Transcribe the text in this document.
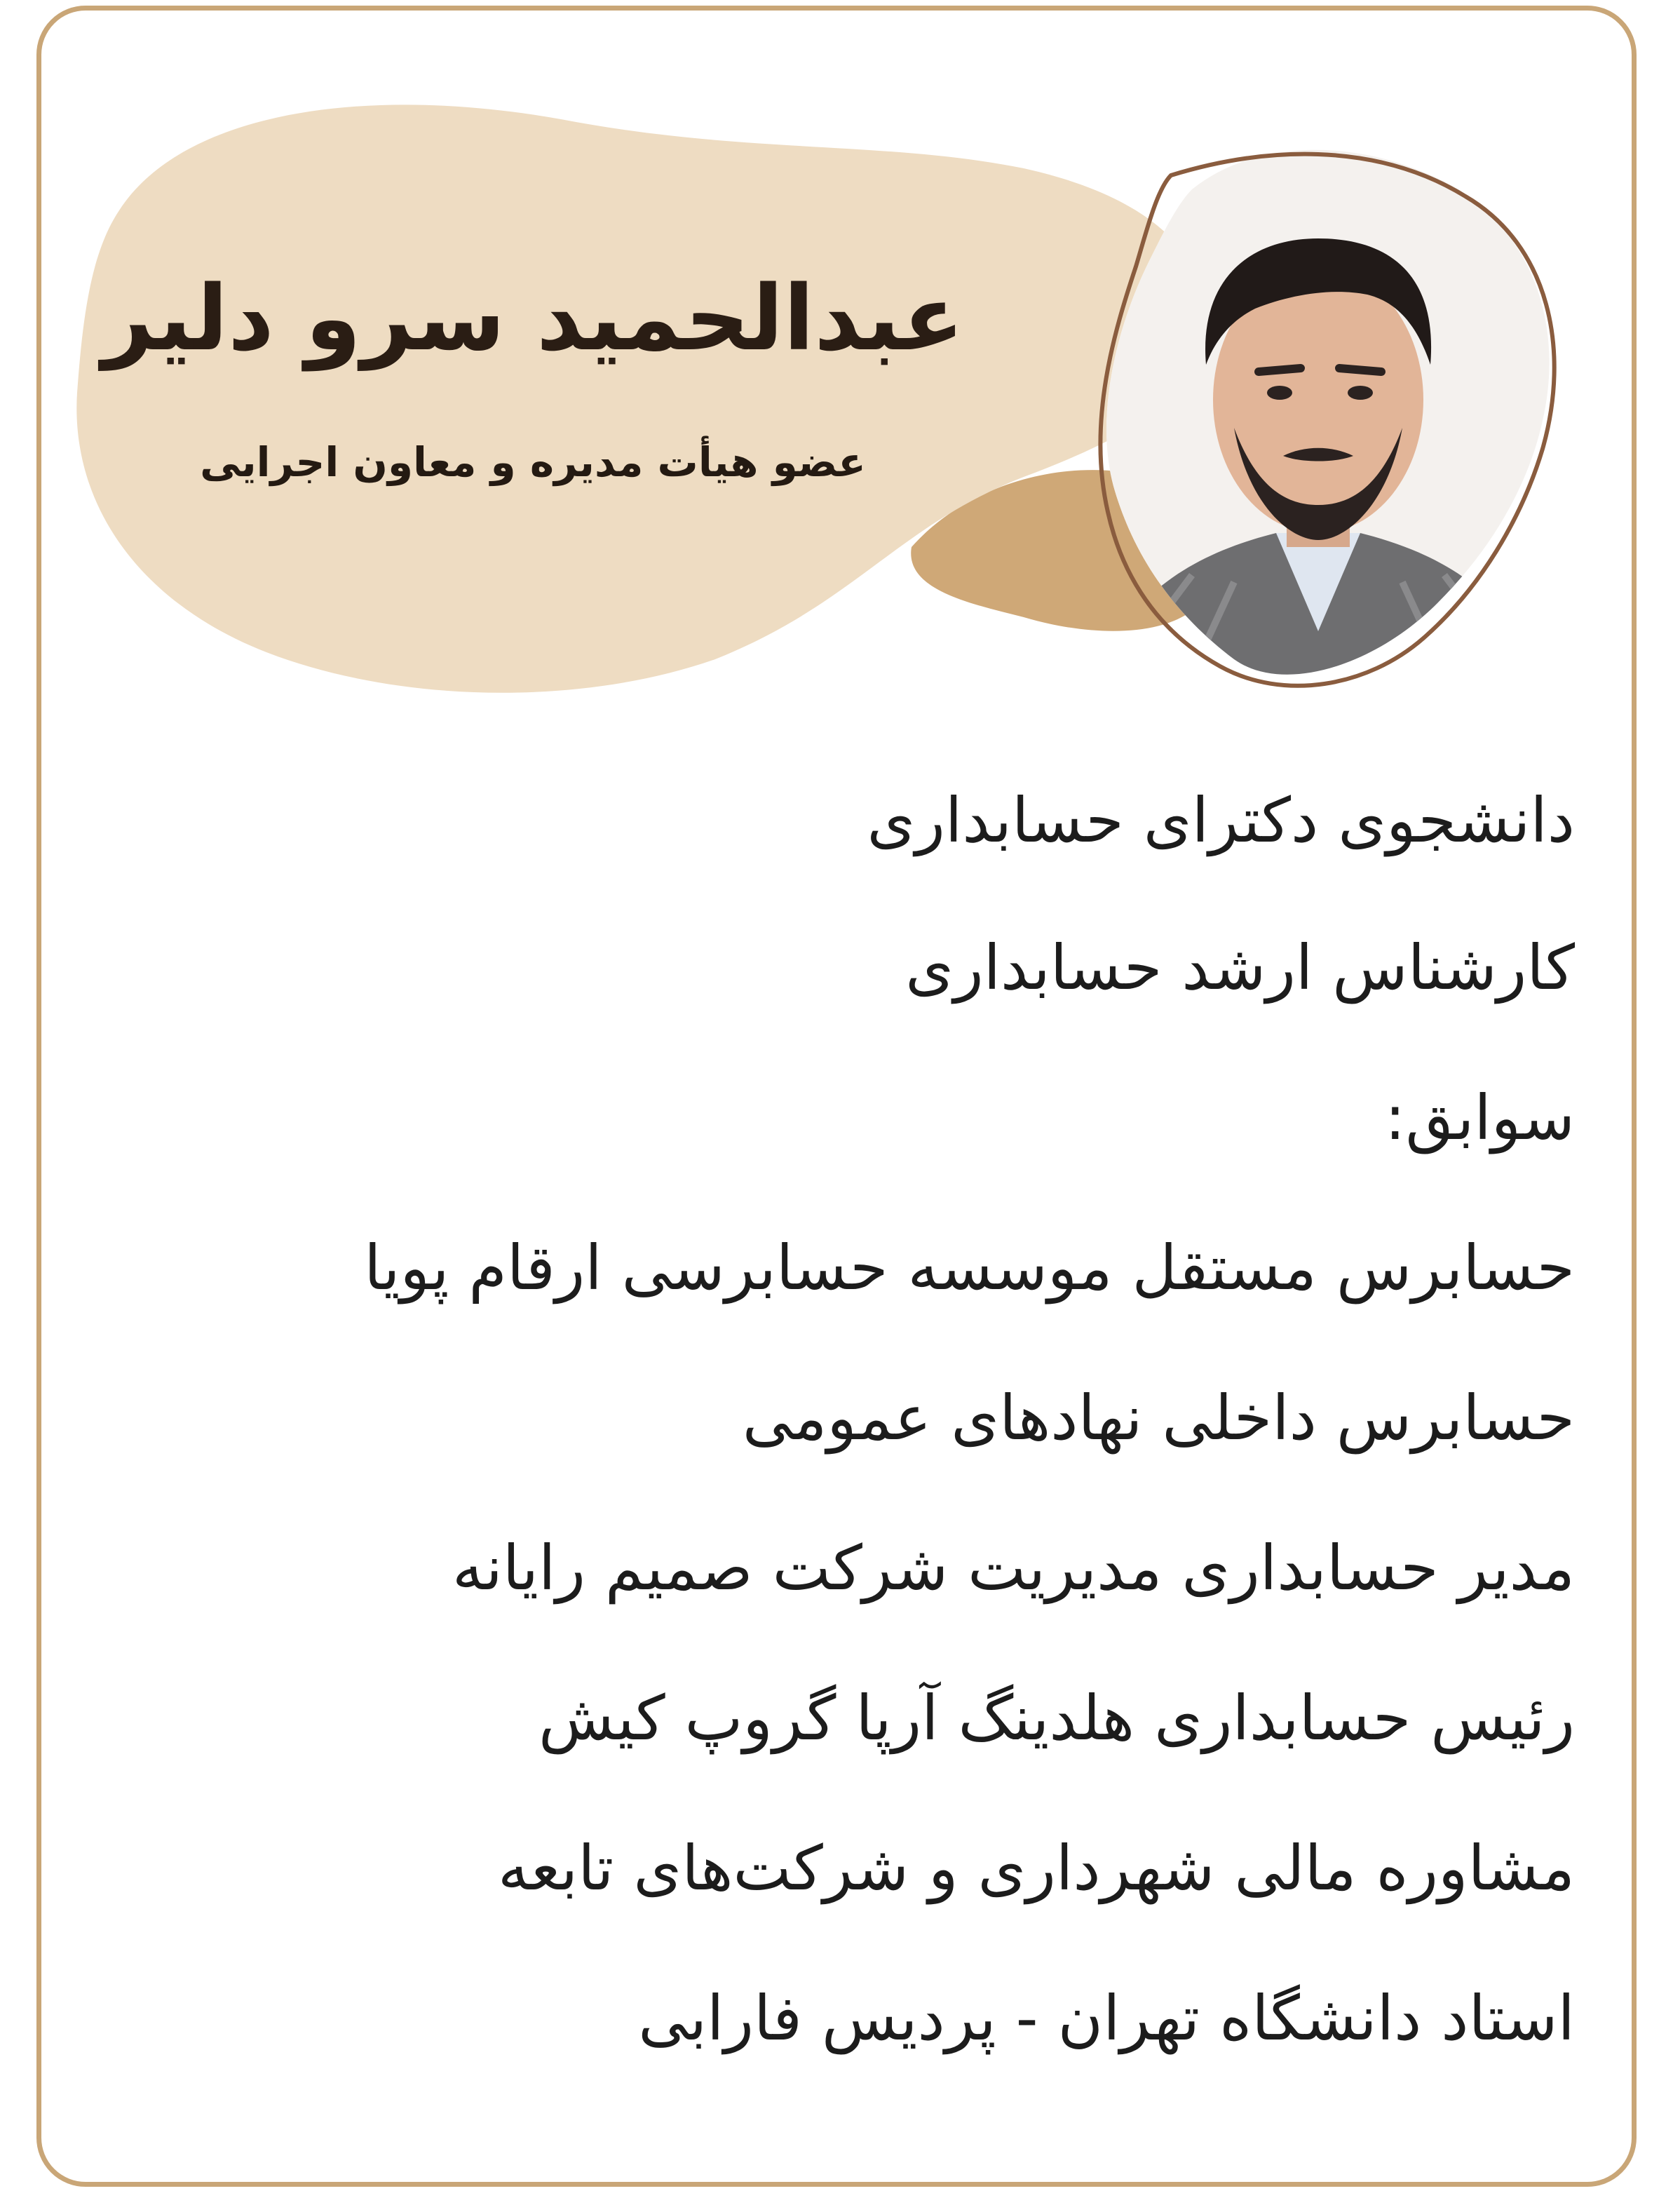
عبدالحمید سرو دلیر
عضو هیأت مدیره و معاون اجرایی
دانشجوی دکترای حسابداری
کارشناس ارشد حسابداری
سوابق:
حسابرس مستقل موسسه حسابرسی ارقام پویا
حسابرس داخلی نهادهای عمومی
مدیر حسابداری مدیریت شرکت صمیم رایانه
رئیس حسابداری هلدینگ آرپا گروپ کیش
مشاوره مالی شهرداری و شرکت‌های تابعه
استاد دانشگاه تهران - پردیس فارابی
